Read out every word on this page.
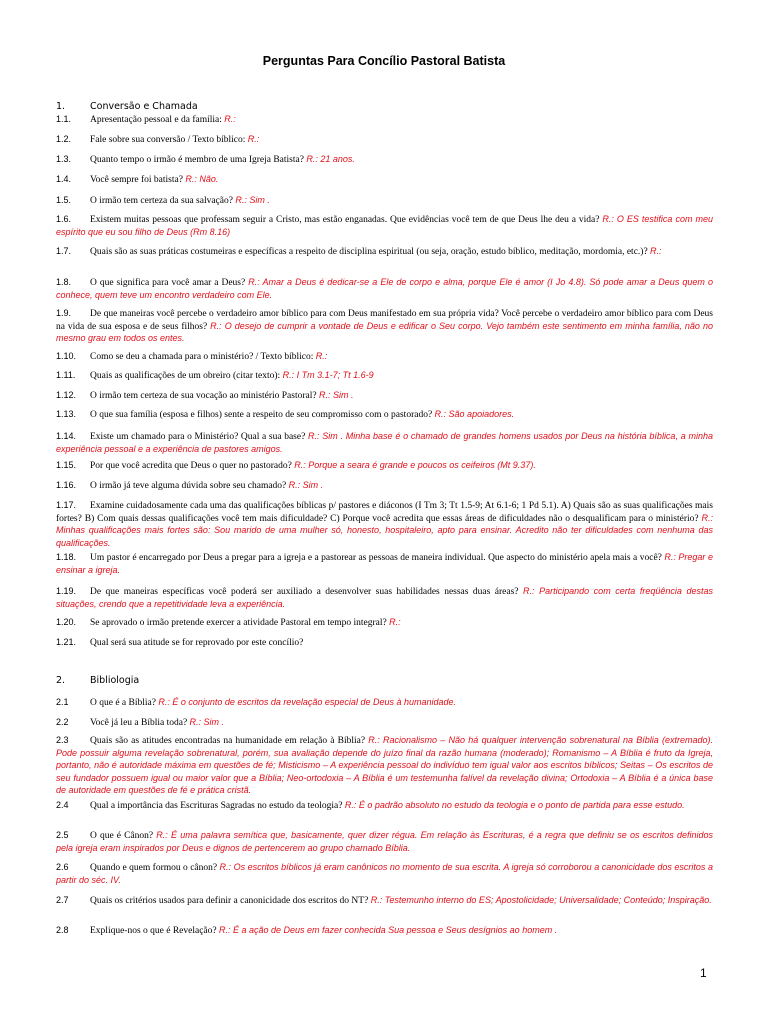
Perguntas Para Concílio Pastoral Batista
1.	Conversão e Chamada
2.	Bibliologia
1
1.1. Apresentação pessoal e da família: R.:
1.2. Fale sobre sua conversão / Texto bíblico: R.:
1.3. Quanto tempo o irmão é membro de uma Igreja Batista? R.: 21 anos.
1.4. Você sempre foi batista? R.: Não.
1.5. O irmão tem certeza da sua salvação? R.: Sim .
1.6. Existem muitas pessoas que professam seguir a Cristo, mas estão enganadas. Que evidências você tem de que Deus lhe deu a vida? R.: O ES testifica com meu espírito que eu sou filho de Deus (Rm 8.16)
1.7. Quais são as suas práticas costumeiras e específicas a respeito de disciplina espiritual (ou seja, oração, estudo bíblico, meditação, mordomia, etc.)? R.:
1.8. O que significa para você amar a Deus? R.: Amar a Deus é dedicar-se a Ele de corpo e alma, porque Ele é amor (I Jo 4.8). Só pode amar a Deus quem o conhece, quem teve um encontro verdadeiro com Ele.
1.9. De que maneiras você percebe o verdadeiro amor bíblico para com Deus manifestado em sua própria vida? Você percebe o verdadeiro amor bíblico para com Deus na vida de sua esposa e de seus filhos? R.: O desejo de cumprir a vontade de Deus e edificar o Seu corpo. Vejo também este sentimento em minha família, não no mesmo grau em todos os entes.
1.10. Como se deu a chamada para o ministério? / Texto bíblico: R.:
1.11. Quais as qualificações de um obreiro (citar texto): R.: I Tm 3.1-7; Tt 1.6-9
1.12. O irmão tem certeza de sua vocação ao ministério Pastoral? R.: Sim .
1.13. O que sua família (esposa e filhos) sente a respeito de seu compromisso com o pastorado? R.: São apoiadores.
1.14. Existe um chamado para o Ministério? Qual a sua base? R.: Sim . Minha base é o chamado de grandes homens usados por Deus na história bíblica, a minha experiência pessoal e a experiência de pastores amigos.
1.15. Por que você acredita que Deus o quer no pastorado? R.: Porque a seara é grande e poucos os ceifeiros (Mt 9.37).
1.16. O irmão já teve alguma dúvida sobre seu chamado? R.: Sim .
1.17. Examine cuidadosamente cada uma das qualificações bíblicas p/ pastores e diáconos (I Tm 3; Tt 1.5-9; At 6.1-6; 1 Pd 5.1). A) Quais são as suas qualificações mais fortes? B) Com quais dessas qualificações você tem mais dificuldade? C) Porque você acredita que essas áreas de dificuldades não o desqualificam para o ministério? R.: Minhas qualificações mais fortes são: Sou marido de uma mulher só, honesto, hospitaleiro, apto para ensinar. Acredito não ter dificuldades com nenhuma das qualificações.
1.18. Um pastor é encarregado por Deus a pregar para a igreja e a pastorear as pessoas de maneira individual. Que aspecto do ministério apela mais a você? R.: Pregar e ensinar a igreja.
1.19. De que maneiras específicas você poderá ser auxiliado a desenvolver suas habilidades nessas duas áreas? R.: Participando com certa freqüência destas situações, crendo que a repetitividade leva a experiência.
1.20. Se aprovado o irmão pretende exercer a atividade Pastoral em tempo integral? R.:
1.21. Qual será sua atitude se for reprovado por este concílio?
2.1 O que é a Bíblia? R.: É o conjunto de escritos da revelação especial de Deus à humanidade.
2.2 Você já leu a Bíblia toda? R.: Sim .
2.3 Quais são as atitudes encontradas na humanidade em relação à Bíblia? R.: Racionalismo – Não há qualquer intervenção sobrenatural na Bíblia (extremado). Pode possuir alguma revelação sobrenatural, porém, sua avaliação depende do juízo final da razão humana (moderado); Romanismo – A Bíblia é fruto da Igreja, portanto, não é autoridade máxima em questões de fé; Misticismo – A experiência pessoal do indivíduo tem igual valor aos escritos bíblicos; Seitas – Os escritos de seu fundador possuem igual ou maior valor que a Bíblia; Neo-ortodoxia – A Bíblia é um testemunha falível da revelação divina; Ortodoxia – A Bíblia é a única base de autoridade em questões de fé e prática cristã.
2.4 Qual a importância das Escrituras Sagradas no estudo da teologia? R.: É o padrão absoluto no estudo da teologia e o ponto de partida para esse estudo.
2.5 O que é Cânon? R.: É uma palavra semítica que, basicamente, quer dizer régua. Em relação às Escrituras, é a regra que definiu se os escritos definidos pela igreja eram inspirados por Deus e dignos de pertencerem ao grupo chamado Bíblia.
2.6 Quando e quem formou o cânon? R.: Os escritos bíblicos já eram canônicos no momento de sua escrita. A igreja só corroborou a canonicidade dos escritos a partir do séc. IV.
2.7 Quais os critérios usados para definir a canonicidade dos escritos do NT? R.: Testemunho interno do ES; Apostolicidade; Universalidade; Conteúdo; Inspiração.
2.8 Explique-nos o que é Revelação? R.: É a ação de Deus em fazer conhecida Sua pessoa e Seus desígnios ao homem .
